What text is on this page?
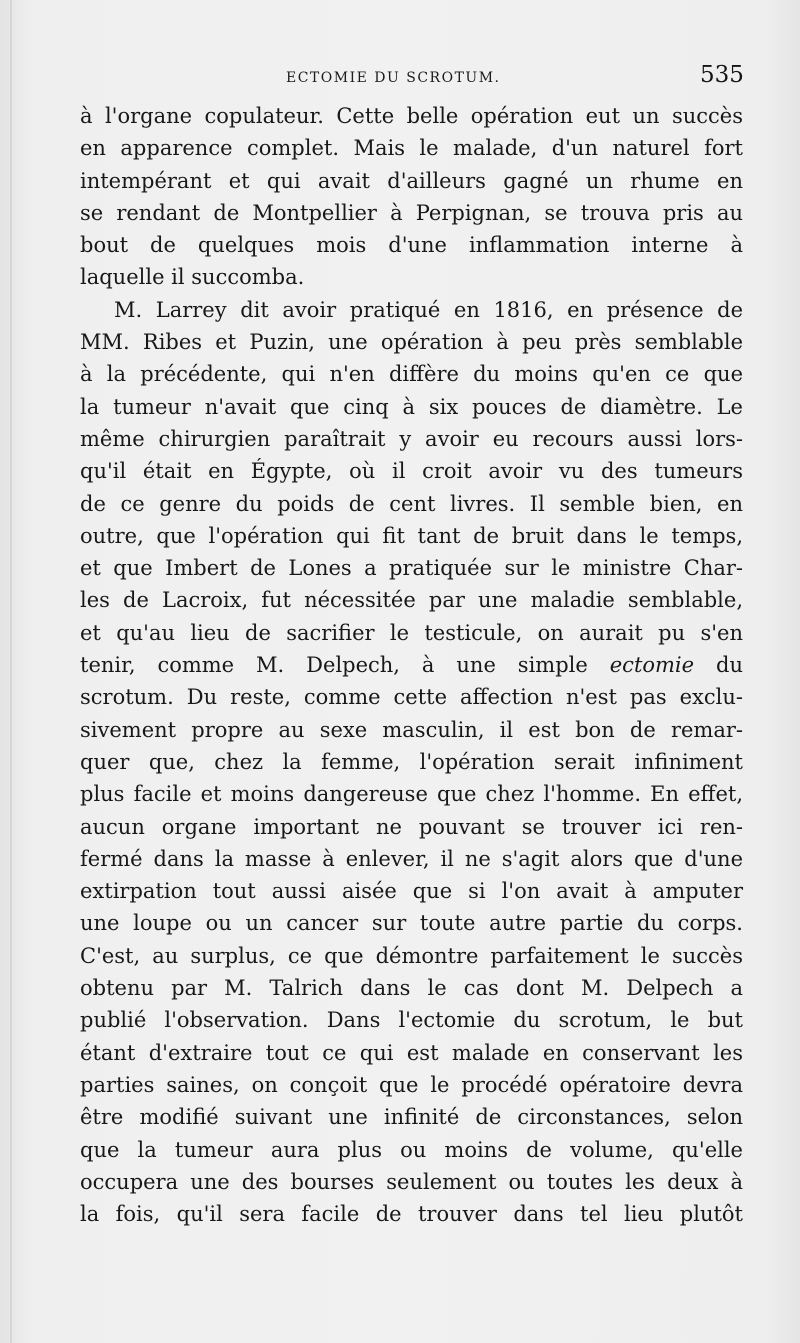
ECTOMIE DU SCROTUM.	535
à l'organe copulateur. Cette belle opération eut un succès
en apparence complet. Mais le malade, d'un naturel fort
intempérant et qui avait d'ailleurs gagné un rhume en
se rendant de Montpellier à Perpignan, se trouva pris au
bout de quelques mois d'une inflammation interne à
laquelle il succomba.
M. Larrey dit avoir pratiqué en 1816, en présence de
MM. Ribes et Puzin, une opération à peu près semblable
à la précédente, qui n'en diffère du moins qu'en ce que
la tumeur n'avait que cinq à six pouces de diamètre. Le
même chirurgien paraîtrait y avoir eu recours aussi lors-
qu'il était en Égypte, où il croit avoir vu des tumeurs
de ce genre du poids de cent livres. Il semble bien, en
outre, que l'opération qui fit tant de bruit dans le temps,
et que Imbert de Lones a pratiquée sur le ministre Char-
les de Lacroix, fut nécessitée par une maladie semblable,
et qu'au lieu de sacrifier le testicule, on aurait pu s'en
tenir, comme M. Delpech, à une simple ectomie du
scrotum. Du reste, comme cette affection n'est pas exclu-
sivement propre au sexe masculin, il est bon de remar-
quer que, chez la femme, l'opération serait infiniment
plus facile et moins dangereuse que chez l'homme. En effet,
aucun organe important ne pouvant se trouver ici ren-
fermé dans la masse à enlever, il ne s'agit alors que d'une
extirpation tout aussi aisée que si l'on avait à amputer
une loupe ou un cancer sur toute autre partie du corps.
C'est, au surplus, ce que démontre parfaitement le succès
obtenu par M. Talrich dans le cas dont M. Delpech a
publié l'observation. Dans l'ectomie du scrotum, le but
étant d'extraire tout ce qui est malade en conservant les
parties saines, on conçoit que le procédé opératoire devra
être modifié suivant une infinité de circonstances, selon
que la tumeur aura plus ou moins de volume, qu'elle
occupera une des bourses seulement ou toutes les deux à
la fois, qu'il sera facile de trouver dans tel lieu plutôt
